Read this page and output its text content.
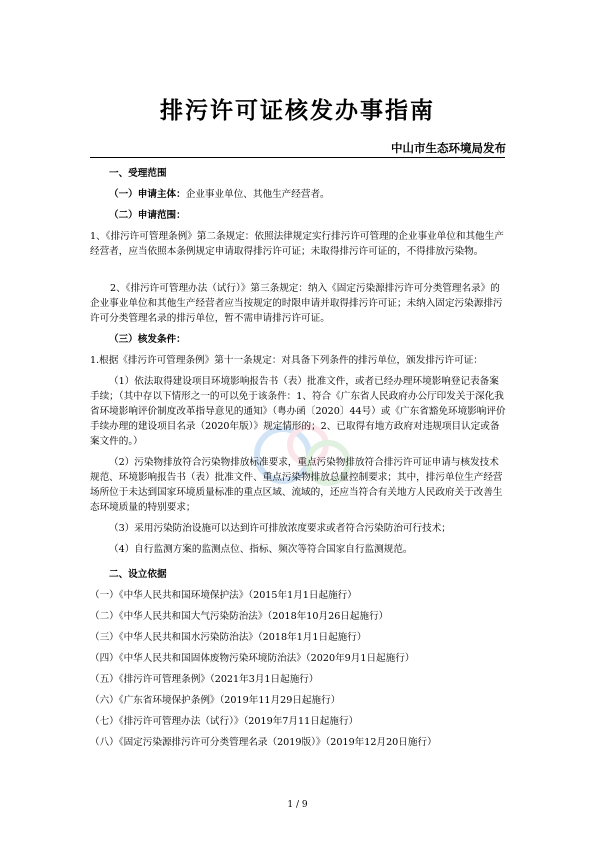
排污许可证核发办事指南
中山市生态环境局发布

一、受理范围

（一）申请主体：企业事业单位、其他生产经营者。

（二）申请范围：

1、《排污许可管理条例》第二条规定：依照法律规定实行排污许可管理的企业事业单位和其他生产经营者，应当依照本条例规定申请取得排污许可证；未取得排污许可证的，不得排放污染物。

2、《排污许可管理办法（试行）》第三条规定：纳入《固定污染源排污许可分类管理名录》的企业事业单位和其他生产经营者应当按规定的时限申请并取得排污许可证；未纳入固定污染源排污许可分类管理名录的排污单位，暂不需申请排污许可证。

（三）核发条件：

1.根据《排污许可管理条例》第十一条规定：对具备下列条件的排污单位，颁发排污许可证：

（1）依法取得建设项目环境影响报告书（表）批准文件，或者已经办理环境影响登记表备案手续；（其中存以下情形之一的可以免于该条件：1、符合《广东省人民政府办公厅印发关于深化我省环境影响评价制度改革指导意见的通知》（粤办函〔2020〕44号）或《广东省豁免环境影响评价手续办理的建设项目名录（2020年版）》规定情形的；2、已取得有地方政府对违规项目认定或备案文件的。）

（2）污染物排放符合污染物排放标准要求，重点污染物排放符合排污许可证申请与核发技术规范、环境影响报告书（表）批准文件、重点污染物排放总量控制要求；其中，排污单位生产经营场所位于未达到国家环境质量标准的重点区域、流域的，还应当符合有关地方人民政府关于改善生态环境质量的特别要求；

（3）采用污染防治设施可以达到许可排放浓度要求或者符合污染防治可行技术；

（4）自行监测方案的监测点位、指标、频次等符合国家自行监测规范。

二、设立依据

（一）《中华人民共和国环境保护法》（2015年1月1日起施行）

（二）《中华人民共和国大气污染防治法》（2018年10月26日起施行）

（三）《中华人民共和国水污染防治法》（2018年1月1日起施行）

（四）《中华人民共和国固体废物污染环境防治法》（2020年9月1日起施行）

（五）《排污许可管理条例》（2021年3月1日起施行）

（六）《广东省环境保护条例》（2019年11月29日起施行）

（七）《排污许可管理办法（试行）》（2019年7月11日起施行）

（八）《固定污染源排污许可分类管理名录（2019版）》（2019年12月20日施行）

1 / 9
